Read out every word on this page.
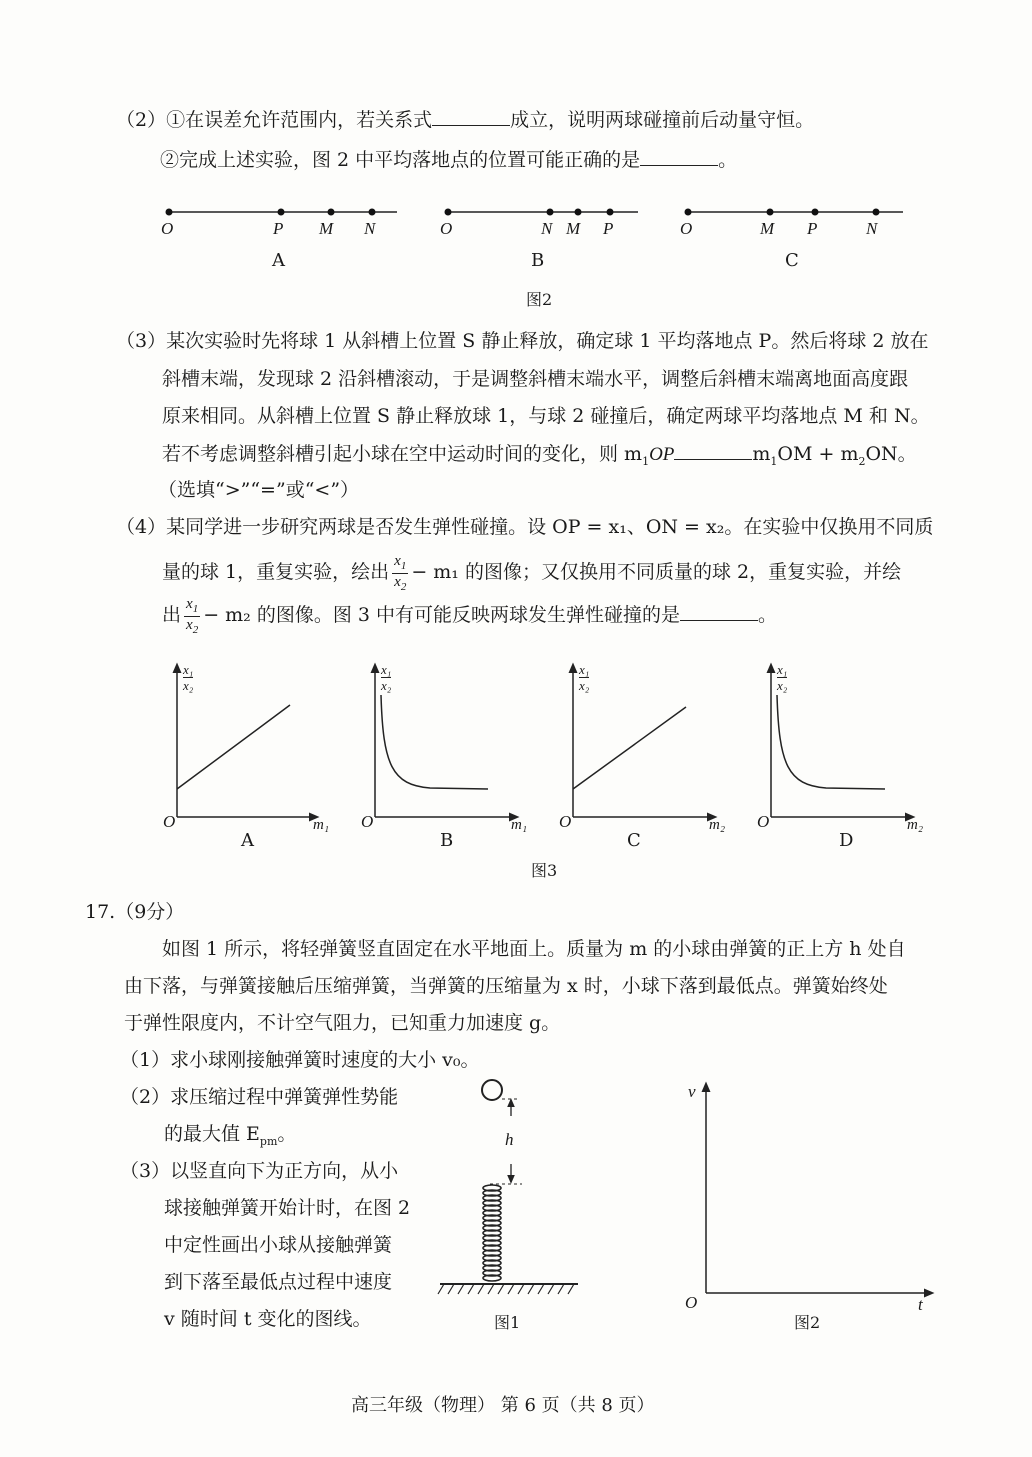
（2）①在误差允许范围内，若关系式	成立，说明两球碰撞前后动量守恒。
②完成上述实验，图 2 中平均落地点的位置可能正确的是	。
O	P M N
A
O	N M P
B
O	M P	N
C
图2
（3）某次实验时先将球 1 从斜槽上位置 S 静止释放，确定球 1 平均落地点 P。然后将球 2 放在
斜槽末端，发现球 2 沿斜槽滚动，于是调整斜槽末端水平，调整后斜槽末端离地面高度跟
原来相同。从斜槽上位置 S 静止释放球 1，与球 2 碰撞后，确定两球平均落地点 M 和 N。
若不考虑调整斜槽引起小球在空中运动时间的变化，则 $m_1OP$	$m_1OM + m_2ON$。
（选填“>”“=”或“<”）
（4）某同学进一步研究两球是否发生弹性碰撞。设 OP = x₁、ON = x₂。在实验中仅换用不同质
量的球 1，重复实验，绘出 $\frac{x_1}{x_2} - m_1$ 的图像；又仅换用不同质量的球 2，重复实验，并绘
出 $\frac{x_1}{x_2} - m_2$ 的图像。图 3 中有可能反映两球发生弹性碰撞的是	。
x₁
x₂
x₁
x₂
x₁
x₂
x₁
x₂
O	O	O	O
m₁	m₁	m₂	m₂
A	B	C	D
图3
17.（9分）
如图 1 所示，将轻弹簧竖直固定在水平地面上。质量为 m 的小球由弹簧的正上方 h 处自
由下落，与弹簧接触后压缩弹簧，当弹簧的压缩量为 x 时，小球下落到最低点。弹簧始终处
于弹性限度内，不计空气阻力，已知重力加速度 g。
（1）求小球刚接触弹簧时速度的大小 v₀。
（2）求压缩过程中弹簧弹性势能
的最大值 $E_{pm}$。
（3）以竖直向下为正方向，从小
球接触弹簧开始计时，在图 2
中定性画出小球从接触弹簧
到下落至最低点过程中速度
v 随时间 t 变化的图线。
h
图1
v
O	t
图2
高三年级（物理） 第 6 页（共 8 页）
